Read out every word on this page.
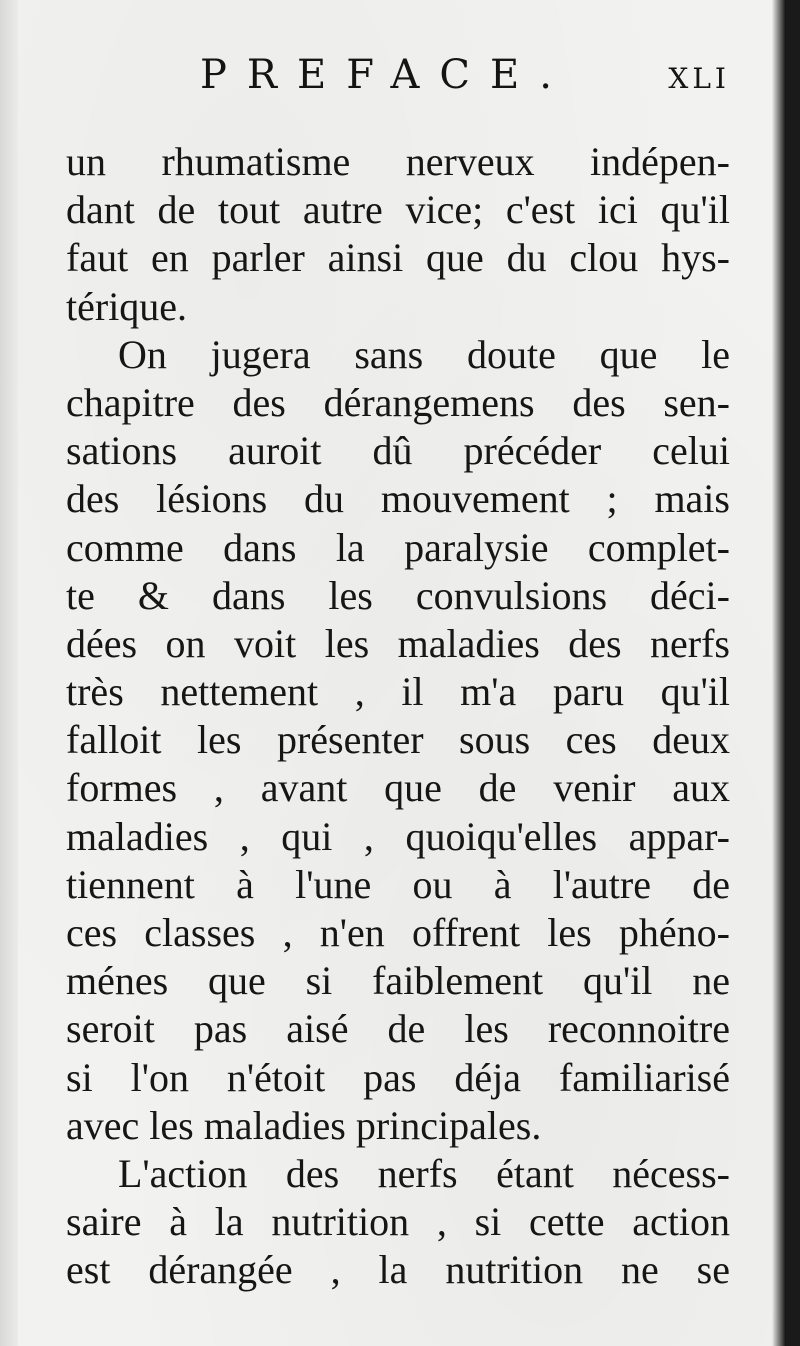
PREFACE.	XLI
un rhumatisme nerveux indépen-
dant de tout autre vice; c'est ici qu'il
faut en parler ainsi que du clou hys-
térique.
On jugera sans doute que le
chapitre des dérangemens des sen-
sations auroit dû précéder celui
des lésions du mouvement ; mais
comme dans la paralysie complet-
te & dans les convulsions déci-
dées on voit les maladies des nerfs
très nettement , il m'a paru qu'il
falloit les présenter sous ces deux
formes , avant que de venir aux
maladies , qui , quoiqu'elles appar-
tiennent à l'une ou à l'autre de
ces classes , n'en offrent les phéno-
ménes que si faiblement qu'il ne
seroit pas aisé de les reconnoitre
si l'on n'étoit pas déja familiarisé
avec les maladies principales.
L'action des nerfs étant nécess-
saire à la nutrition , si cette action
est dérangée , la nutrition ne se
